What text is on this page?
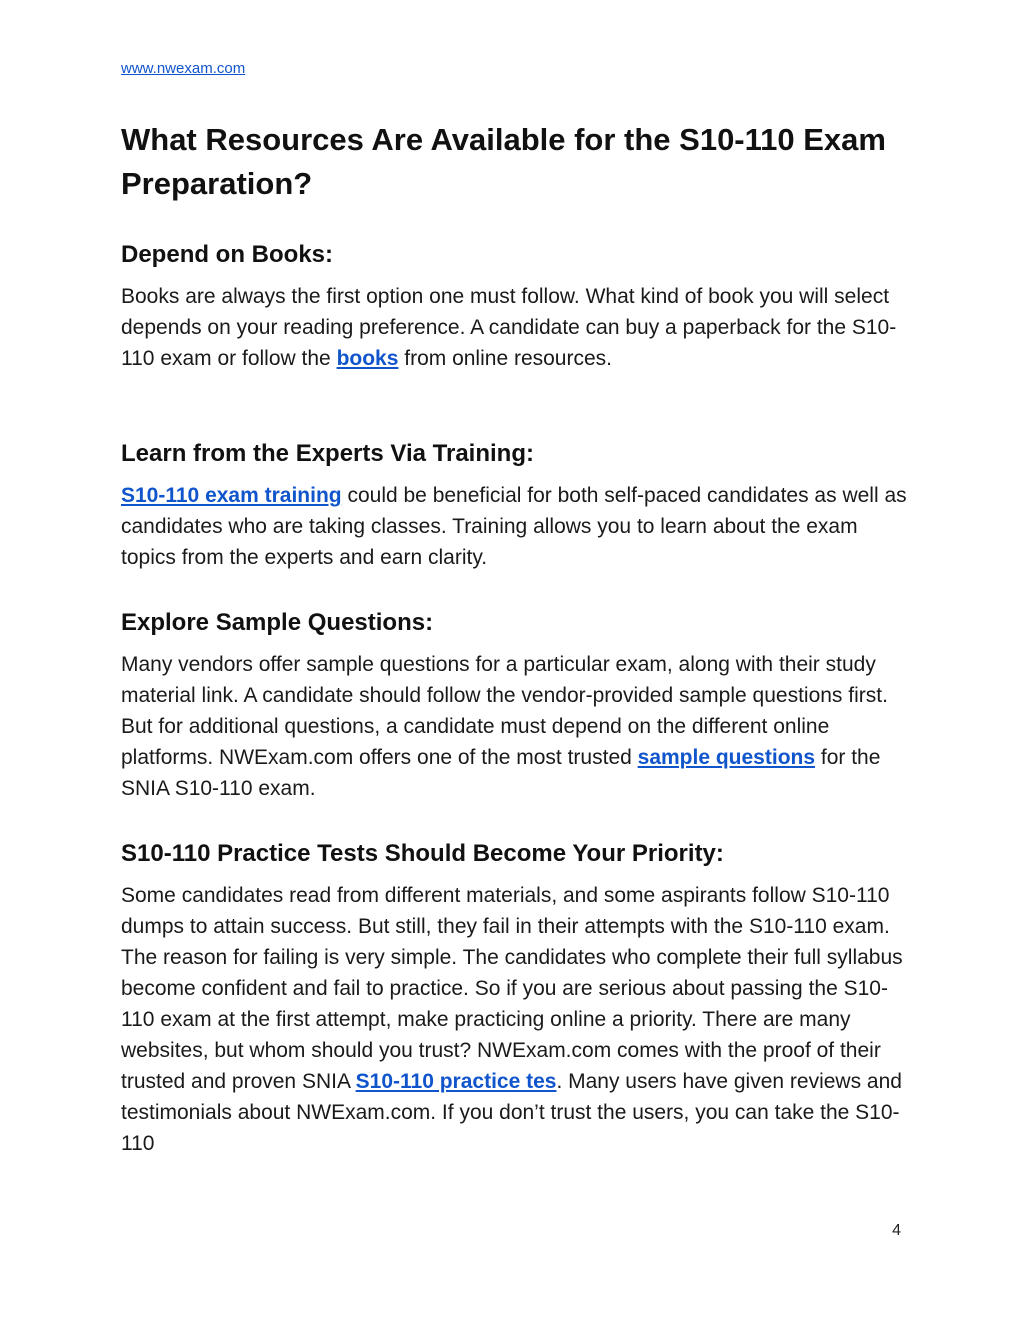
www.nwexam.com
What Resources Are Available for the S10-110 Exam Preparation?
Depend on Books:

Books are always the first option one must follow. What kind of book you will select depends on your reading preference. A candidate can buy a paperback for the S10-110 exam or follow the books from online resources.

Learn from the Experts Via Training:

S10-110 exam training could be beneficial for both self-paced candidates as well as candidates who are taking classes. Training allows you to learn about the exam topics from the experts and earn clarity.

Explore Sample Questions:

Many vendors offer sample questions for a particular exam, along with their study material link. A candidate should follow the vendor-provided sample questions first. But for additional questions, a candidate must depend on the different online platforms. NWExam.com offers one of the most trusted sample questions for the SNIA S10-110 exam.

S10-110 Practice Tests Should Become Your Priority:

Some candidates read from different materials, and some aspirants follow S10-110 dumps to attain success. But still, they fail in their attempts with the S10-110 exam. The reason for failing is very simple. The candidates who complete their full syllabus become confident and fail to practice. So if you are serious about passing the S10-110 exam at the first attempt, make practicing online a priority. There are many websites, but whom should you trust? NWExam.com comes with the proof of their trusted and proven SNIA S10-110 practice tes. Many users have given reviews and testimonials about NWExam.com. If you don’t trust the users, you can take the S10-110

4
